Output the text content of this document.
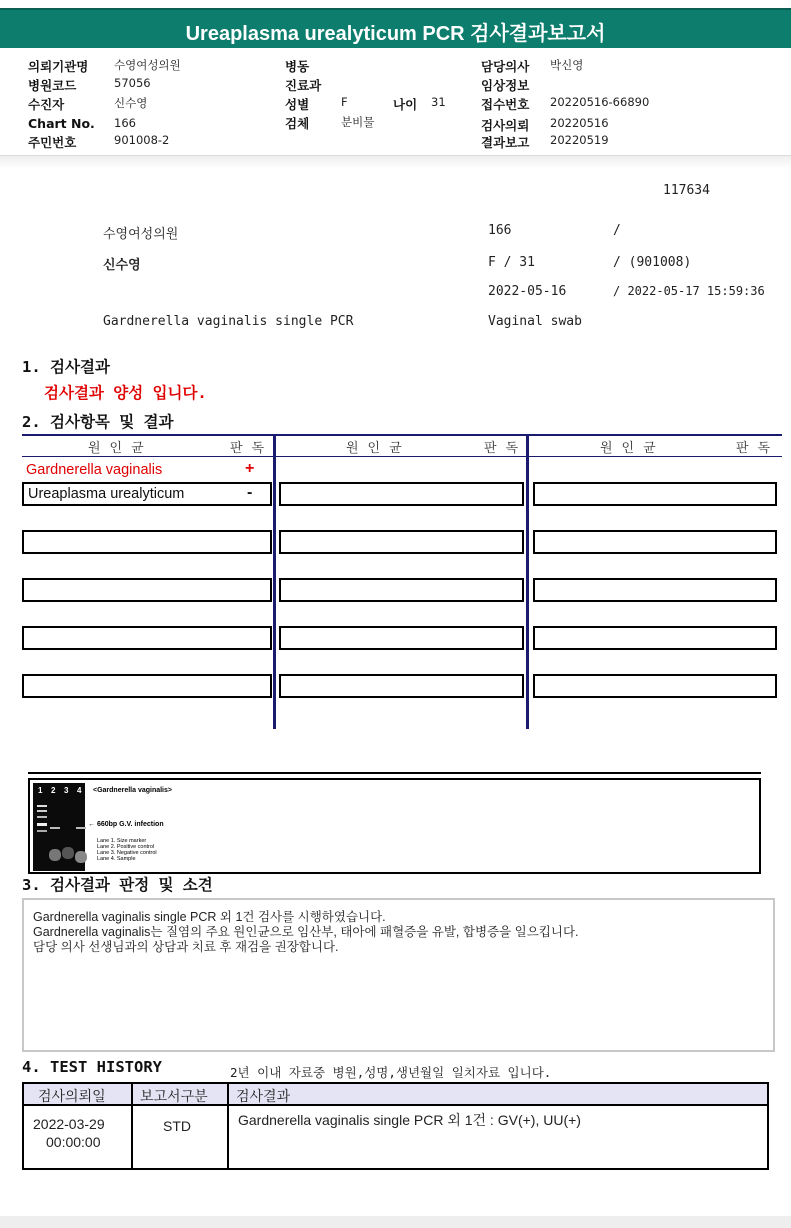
Ureaplasma urealyticum PCR 검사결과보고서
의뢰기관명 수영여성의원
병원코드	57056
수진자	신수영
Chart No. 166
주민번호	901008-2
병동
진료과
성별	F	나이 31
검체	분비물
담당의사 박신영
임상정보
접수번호 20220516-66890
검사의뢰 20220516
결과보고 20220519
117634
수영여성의원	166	/
신수영	F / 31	/ (901008)
2022-05-16	/ 2022-05-17 15:59:36
Gardnerella vaginalis single PCR	Vaginal swab
1. 검사결과
검사결과 양성 입니다.
2. 검사항목 및 결과
원인균	판독	원인균	판독	원인균	판독
Gardnerella vaginalis	+
Ureaplasma urealyticum	-
1 2 3 4 <Gardnerella vaginalis>
← 660bp G.V. infection
Lane 1. Size marker
Lane 2. Positive control
Lane 3. Negative control
Lane 4. Sample
3. 검사결과 판정 및 소견
Gardnerella vaginalis single PCR 외 1건 검사를 시행하였습니다.
Gardnerella vaginalis는 질염의 주요 원인균으로 임산부, 태아에 패혈증을 유발, 합병증을 일으킵니다.
담당 의사 선생님과의 상담과 치료 후 재검을 권장합니다.
4. TEST HISTORY	2년 이내 자료중 병원,성명,생년월일 일치자료 입니다.
검사의뢰일 보고서구분 검사결과
2022-03-29
00:00:00
STD	Gardnerella vaginalis single PCR 외 1건 : GV(+), UU(+)
